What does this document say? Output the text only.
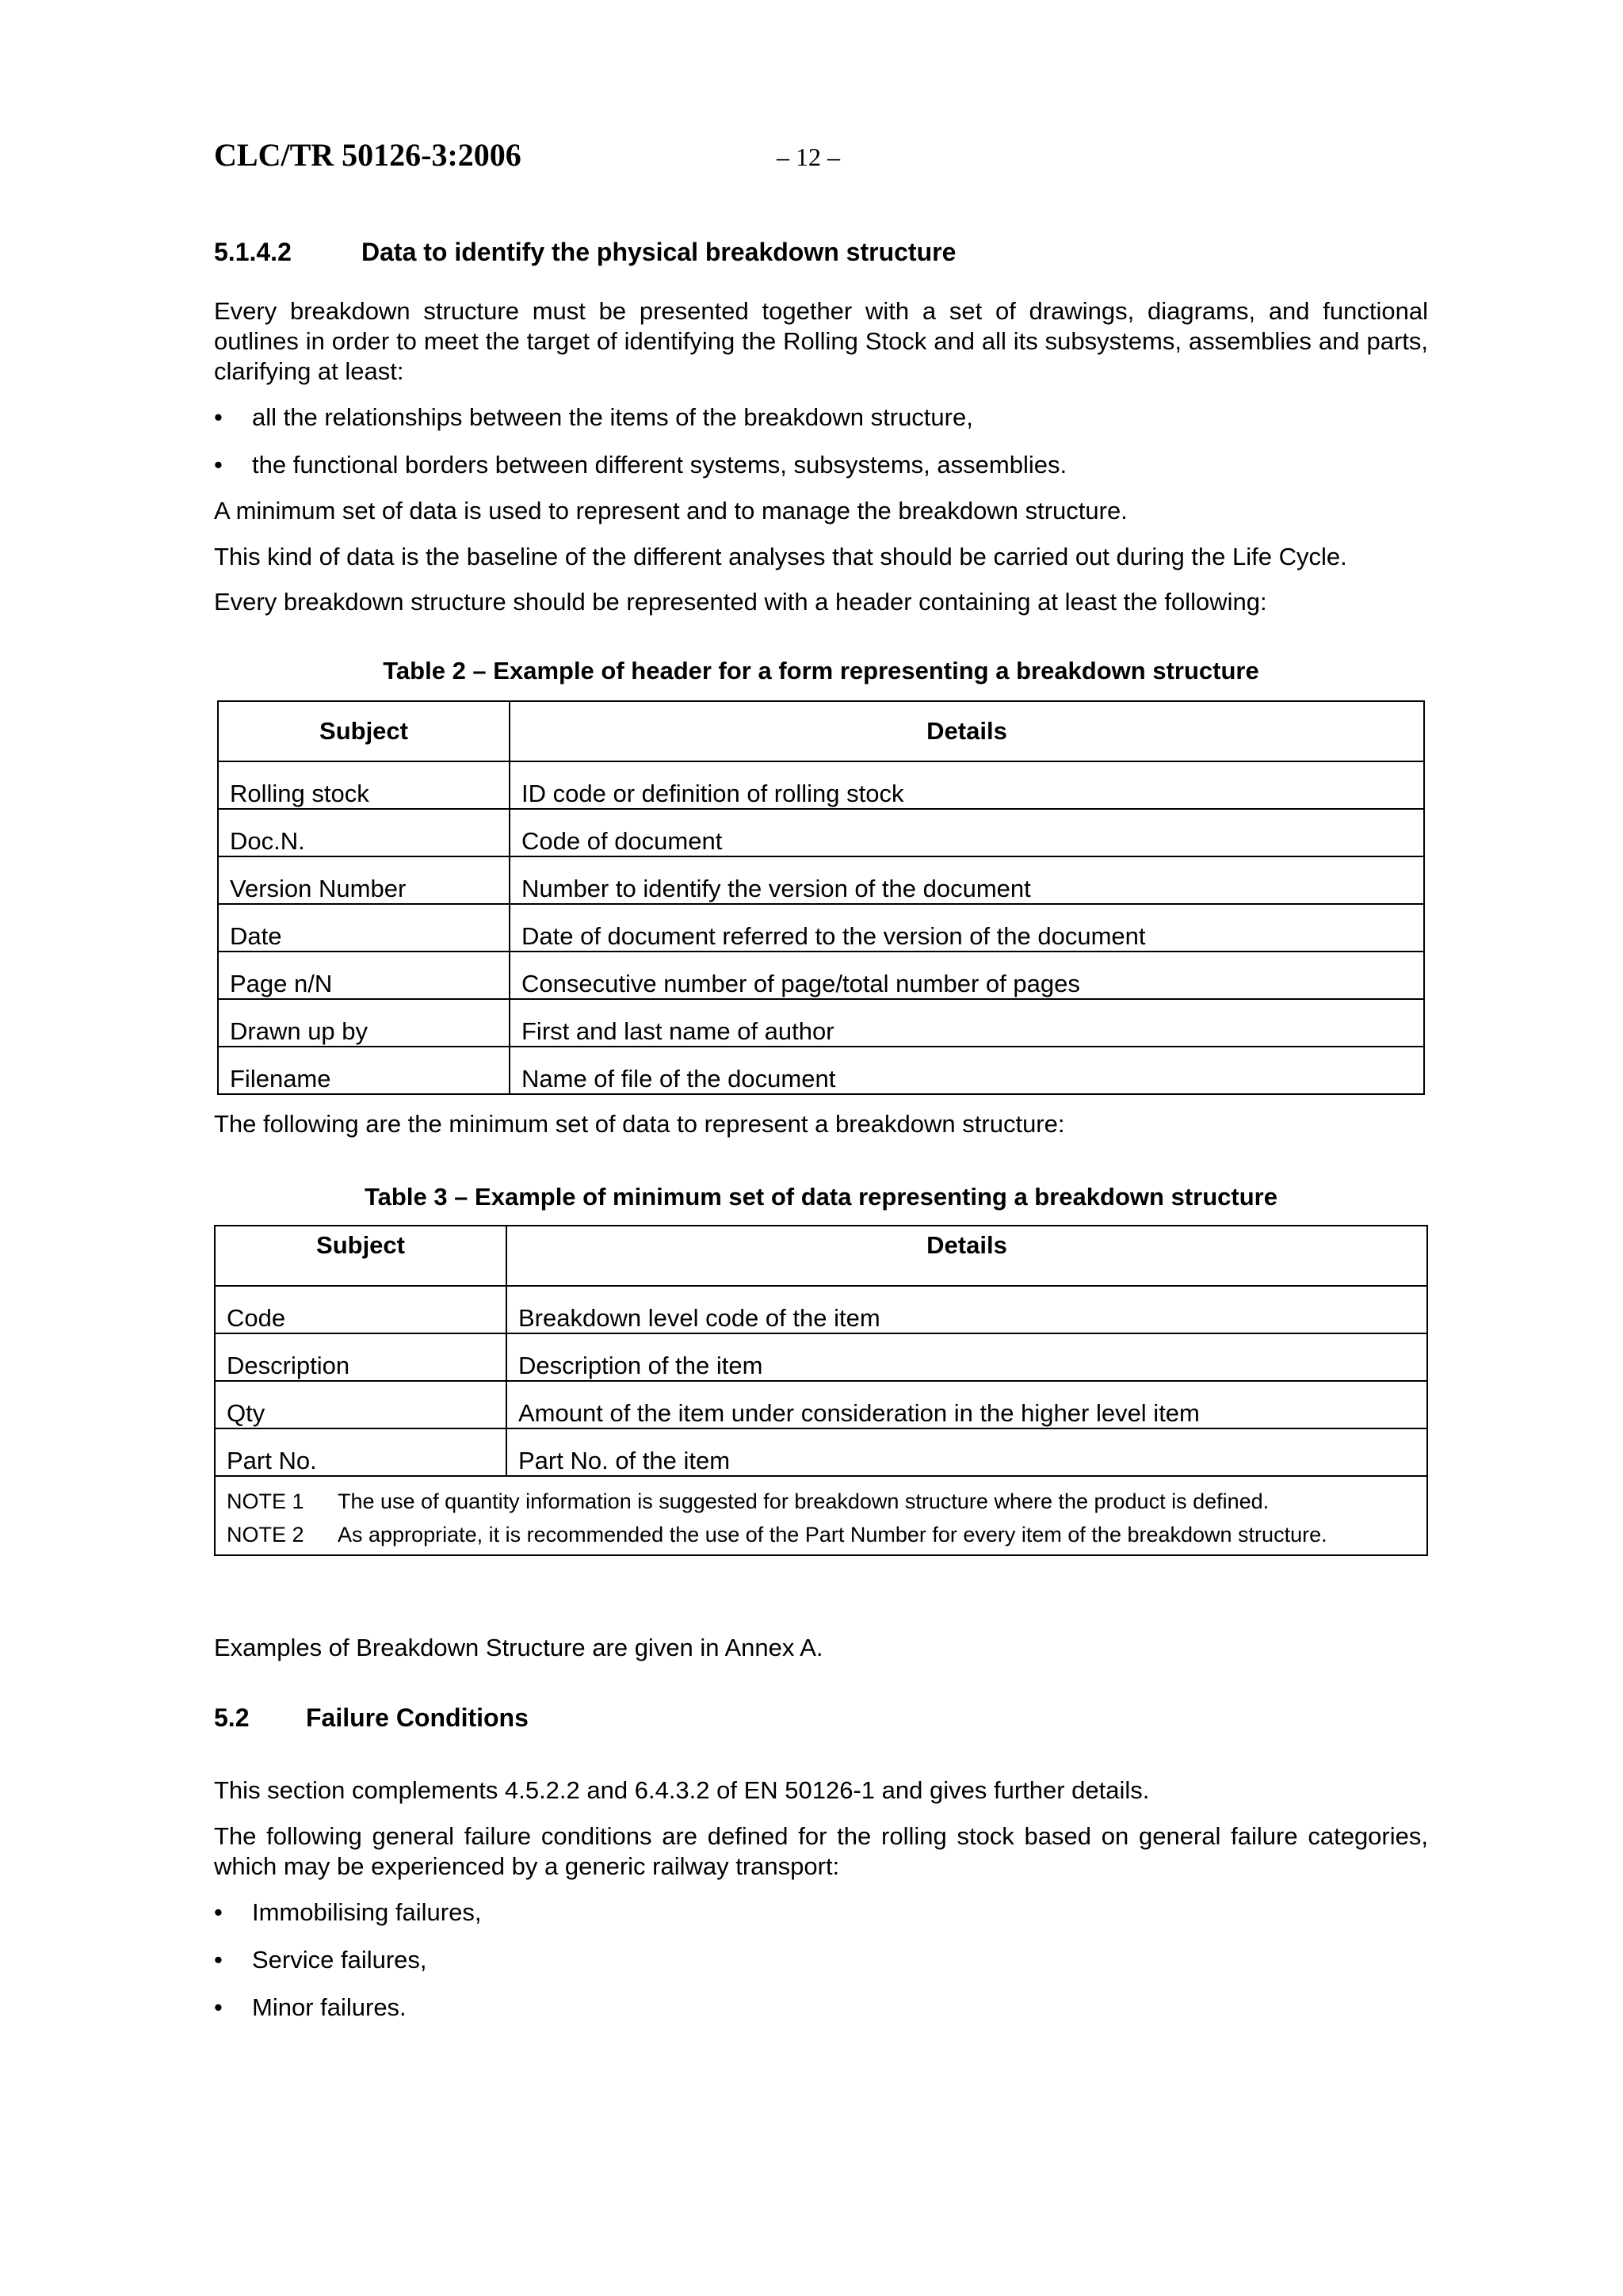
CLC/TR 50126-3:2006	– 12 –
5.1.4.2	Data to identify the physical breakdown structure
Every breakdown structure must be presented together with a set of drawings, diagrams, and functional outlines in order to meet the target of identifying the Rolling Stock and all its subsystems, assemblies and parts, clarifying at least:
• all the relationships between the items of the breakdown structure,
• the functional borders between different systems, subsystems, assemblies.
A minimum set of data is used to represent and to manage the breakdown structure.
This kind of data is the baseline of the different analyses that should be carried out during the Life Cycle.
Every breakdown structure should be represented with a header containing at least the following:
Table 2 – Example of header for a form representing a breakdown structure
Subject	Details
Rolling stock	ID code or definition of rolling stock
Doc.N.	Code of document
Version Number	Number to identify the version of the document
Date	Date of document referred to the version of the document
Page n/N	Consecutive number of page/total number of pages
Drawn up by	First and last name of author
Filename	Name of file of the document
The following are the minimum set of data to represent a breakdown structure:
Table 3 – Example of minimum set of data representing a breakdown structure
Subject	Details
Code	Breakdown level code of the item
Description	Description of the item
Qty	Amount of the item under consideration in the higher level item
Part No.	Part No. of the item

NOTE 1 The use of quantity information is suggested for breakdown structure where the product is defined.

NOTE 2 As appropriate, it is recommended the use of the Part Number for every item of the breakdown structure.	

Examples of Breakdown Structure are given in Annex A.
5.2 Failure Conditions
This section complements 4.5.2.2 and 6.4.3.2 of EN 50126-1 and gives further details.
The following general failure conditions are defined for the rolling stock based on general failure categories, which may be experienced by a generic railway transport:
• Immobilising failures,
• Service failures,
• Minor failures.
